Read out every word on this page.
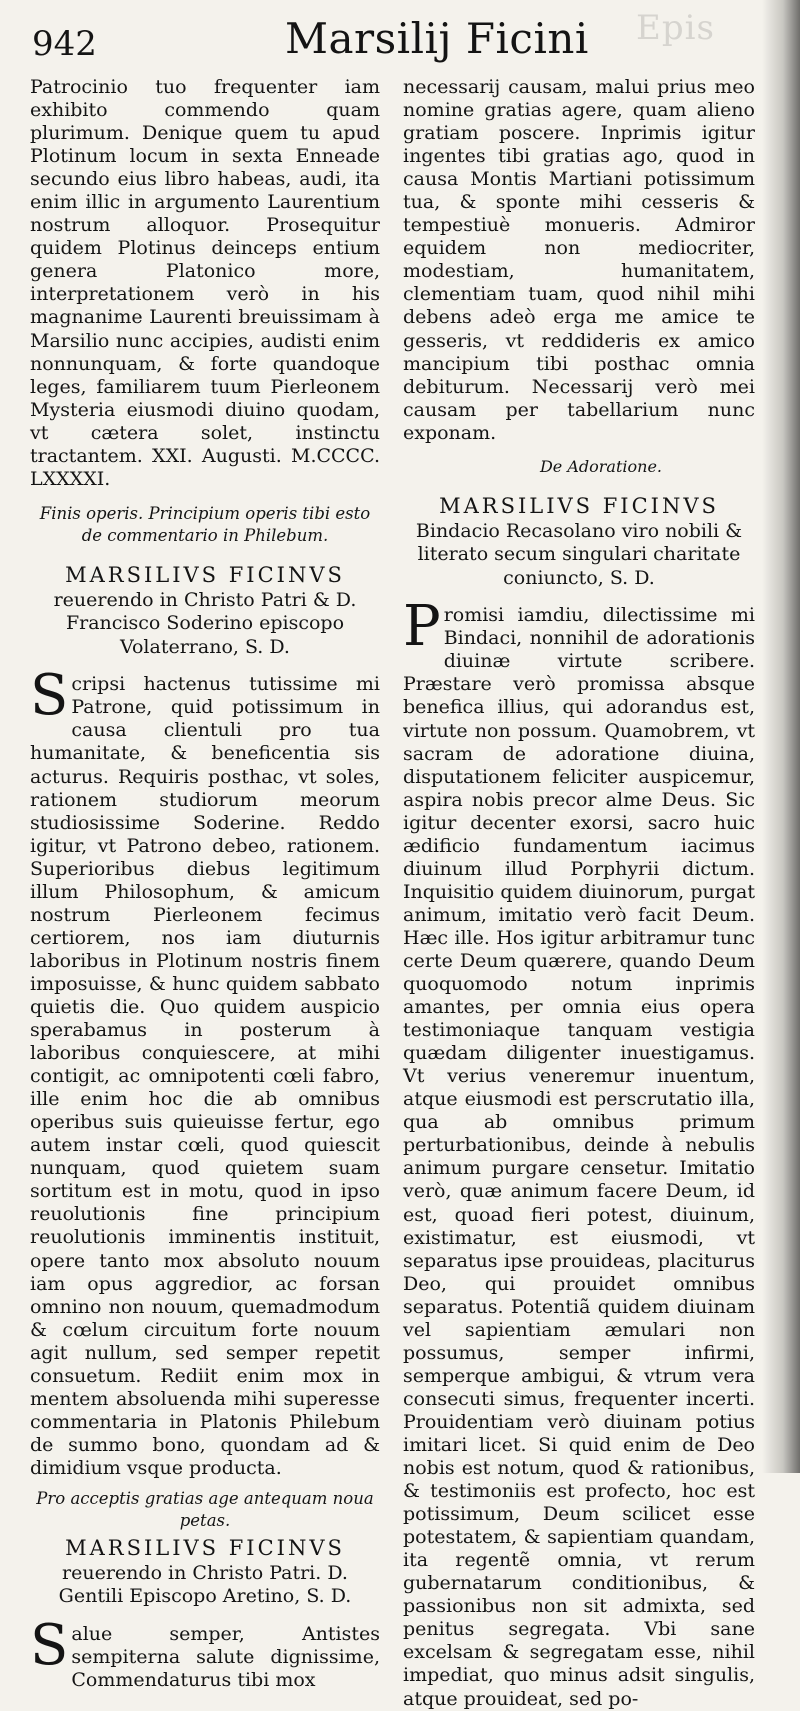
Epis
942	Marsilij Ficini

Patrocinio tuo frequenter iam exhibito commendo quam plurimum. Denique quem tu apud Plotinum locum in sexta Enneade secundo eius libro habeas, audi, ita enim illic in argumento Laurentium nostrum alloquor. Prosequitur quidem Plotinus deinceps entium genera Platonico more, interpretationem verò in his magnanime Laurenti breuissimam à Marsilio nunc accipies, audisti enim nonnunquam, & forte quandoque leges, familiarem tuum Pierleonem Mysteria eiusmodi diuino quodam, vt cætera solet, instinctu tractantem. XXI. Augusti. M.CCCC. LXXXXI.

Finis operis. Principium operis tibi esto de commentario in Philebum.

MARSILIVS FICINVS
reuerendo in Christo Patri & D. Francisco Soderino episcopo Volaterrano, S. D.

Scripsi hactenus tutissime mi Patrone, quid potissimum in causa clientuli pro tua humanitate, & beneficentia sis acturus. Requiris posthac, vt soles, rationem studiorum meorum studiosissime Soderine. Reddo igitur, vt Patrono debeo, rationem. Superioribus diebus legitimum illum Philosophum, & amicum nostrum Pierleonem fecimus certiorem, nos iam diuturnis laboribus in Plotinum nostris finem imposuisse, & hunc quidem sabbato quietis die. Quo quidem auspicio sperabamus in posterum à laboribus conquiescere, at mihi contigit, ac omnipotenti cœli fabro, ille enim hoc die ab omnibus operibus suis quieuisse fertur, ego autem instar cœli, quod quiescit nunquam, quod quietem suam sortitum est in motu, quod in ipso reuolutionis fine principium reuolutionis imminentis instituit, opere tanto mox absoluto nouum iam opus aggredior, ac forsan omnino non nouum, quemadmodum & cœlum circuitum forte nouum agit nullum, sed semper repetit consuetum. Rediit enim mox in mentem absoluenda mihi superesse commentaria in Platonis Philebum de summo bono, quondam ad & dimidium vsque producta.

Pro acceptis gratias age antequam noua petas.

MARSILIVS FICINVS
reuerendo in Christo Patri. D. Gentili Episcopo Aretino, S. D.

Salue semper, Antistes sempiterna salute dignissime, Commendaturus tibi mox

necessarij causam, malui prius meo nomine gratias agere, quam alieno gratiam poscere. Inprimis igitur ingentes tibi gratias ago, quod in causa Montis Martiani potissimum tua, & sponte mihi cesseris & tempestiuè monueris. Admiror equidem non mediocriter, modestiam, humanitatem, clementiam tuam, quod nihil mihi debens adeò erga me amice te gesseris, vt reddideris ex amico mancipium tibi posthac omnia debiturum. Necessarij verò mei causam per tabellarium nunc exponam.

De Adoratione.

MARSILIVS FICINVS
Bindacio Recasolano viro nobili & literato secum singulari charitate coniuncto, S. D.

Promisi iamdiu, dilectissime mi Bindaci, nonnihil de adorationis diuinæ virtute scribere. Præstare verò promissa absque benefica illius, qui adorandus est, virtute non possum. Quamobrem, vt sacram de adoratione diuina, disputationem feliciter auspicemur, aspira nobis precor alme Deus. Sic igitur decenter exorsi, sacro huic ædificio fundamentum iacimus diuinum illud Porphyrii dictum. Inquisitio quidem diuinorum, purgat animum, imitatio verò facit Deum. Hæc ille. Hos igitur arbitramur tunc certe Deum quærere, quando Deum quoquomodo notum inprimis amantes, per omnia eius opera testimoniaque tanquam vestigia quædam diligenter inuestigamus. Vt verius veneremur inuentum, atque eiusmodi est perscrutatio illa, qua ab omnibus primum perturbationibus, deinde à nebulis animum purgare censetur. Imitatio verò, quæ animum facere Deum, id est, quoad fieri potest, diuinum, existimatur, est eiusmodi, vt separatus ipse prouideas, placiturus Deo, qui prouidet omnibus separatus. Potentiã quidem diuinam vel sapientiam æmulari non possumus, semper infirmi, semperque ambigui, & vtrum vera consecuti simus, frequenter incerti. Prouidentiam verò diuinam potius imitari licet. Si quid enim de Deo nobis est notum, quod & rationibus, & testimoniis est profecto, hoc est potissimum, Deum scilicet esse potestatem, & sapientiam quandam, ita regentẽ omnia, vt rerum gubernatarum conditionibus, & passionibus non sit admixta, sed penitus segregata. Vbi sane excelsam & segregatam esse, nihil impediat, quo minus adsit singulis, atque prouideat, sed po-
